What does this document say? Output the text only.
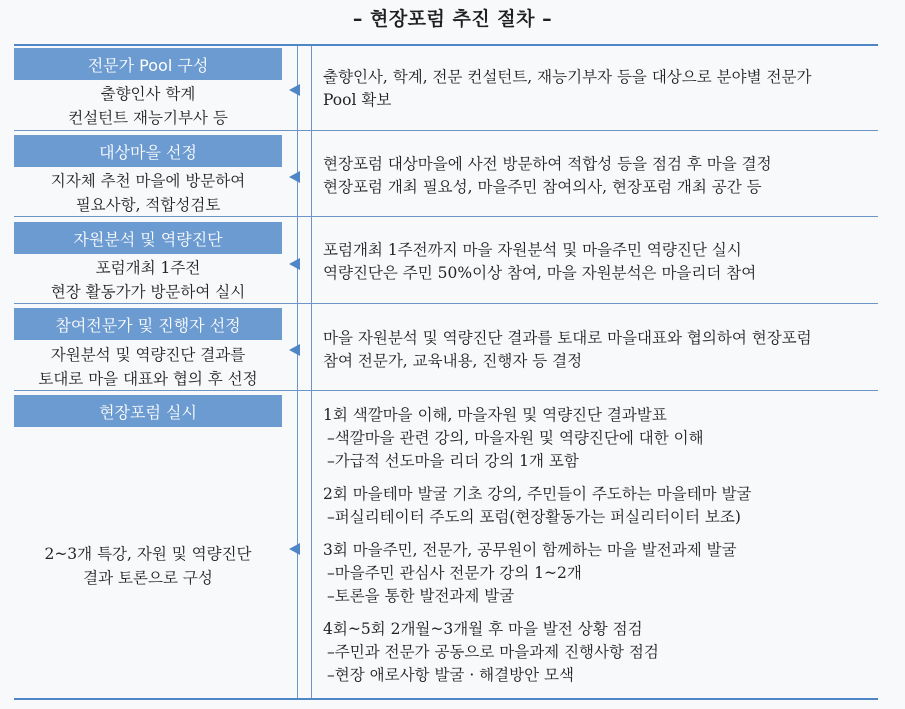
– 현장포럼 추진 절차 –
전문가 Pool 구성
출향인사 학계
컨설턴트 재능기부사 등
출향인사, 학계, 전문 컨설턴트, 재능기부자 등을 대상으로 분야별 전문가
Pool 확보
대상마을 선정
지자체 추천 마을에 방문하여
필요사항, 적합성검토
현장포럼 대상마을에 사전 방문하여 적합성 등을 점검 후 마을 결정
현장포럼 개최 필요성, 마을주민 참여의사, 현장포럼 개최 공간 등
자원분석 및 역량진단
포럼개최 1주전
현장 활동가가 방문하여 실시
포럼개최 1주전까지 마을 자원분석 및 마을주민 역량진단 실시
역량진단은 주민 50%이상 참여, 마을 자원분석은 마을리더 참여
참여전문가 및 진행자 선정
자원분석 및 역량진단 결과를
토대로 마을 대표와 협의 후 선정
마을 자원분석 및 역량진단 결과를 토대로 마을대표와 협의하여 현장포럼
참여 전문가, 교육내용, 진행자 등 결정
현장포럼 실시
2~3개 특강, 자원 및 역량진단
결과 토론으로 구성
1회 색깔마을 이해, 마을자원 및 역량진단 결과발표
–색깔마을 관련 강의, 마을자원 및 역량진단에 대한 이해
–가급적 선도마을 리더 강의 1개 포함
2회 마을테마 발굴 기초 강의, 주민들이 주도하는 마을테마 발굴
–퍼실리테이터 주도의 포럼(현장활동가는 퍼실리터이터 보조)
3회 마을주민, 전문가, 공무원이 함께하는 마을 발전과제 발굴
–마을주민 관심사 전문가 강의 1~2개
–토론을 통한 발전과제 발굴
4회~5회 2개월~3개월 후 마을 발전 상황 점검
–주민과 전문가 공동으로 마을과제 진행사항 점검
–현장 애로사항 발굴 · 해결방안 모색
